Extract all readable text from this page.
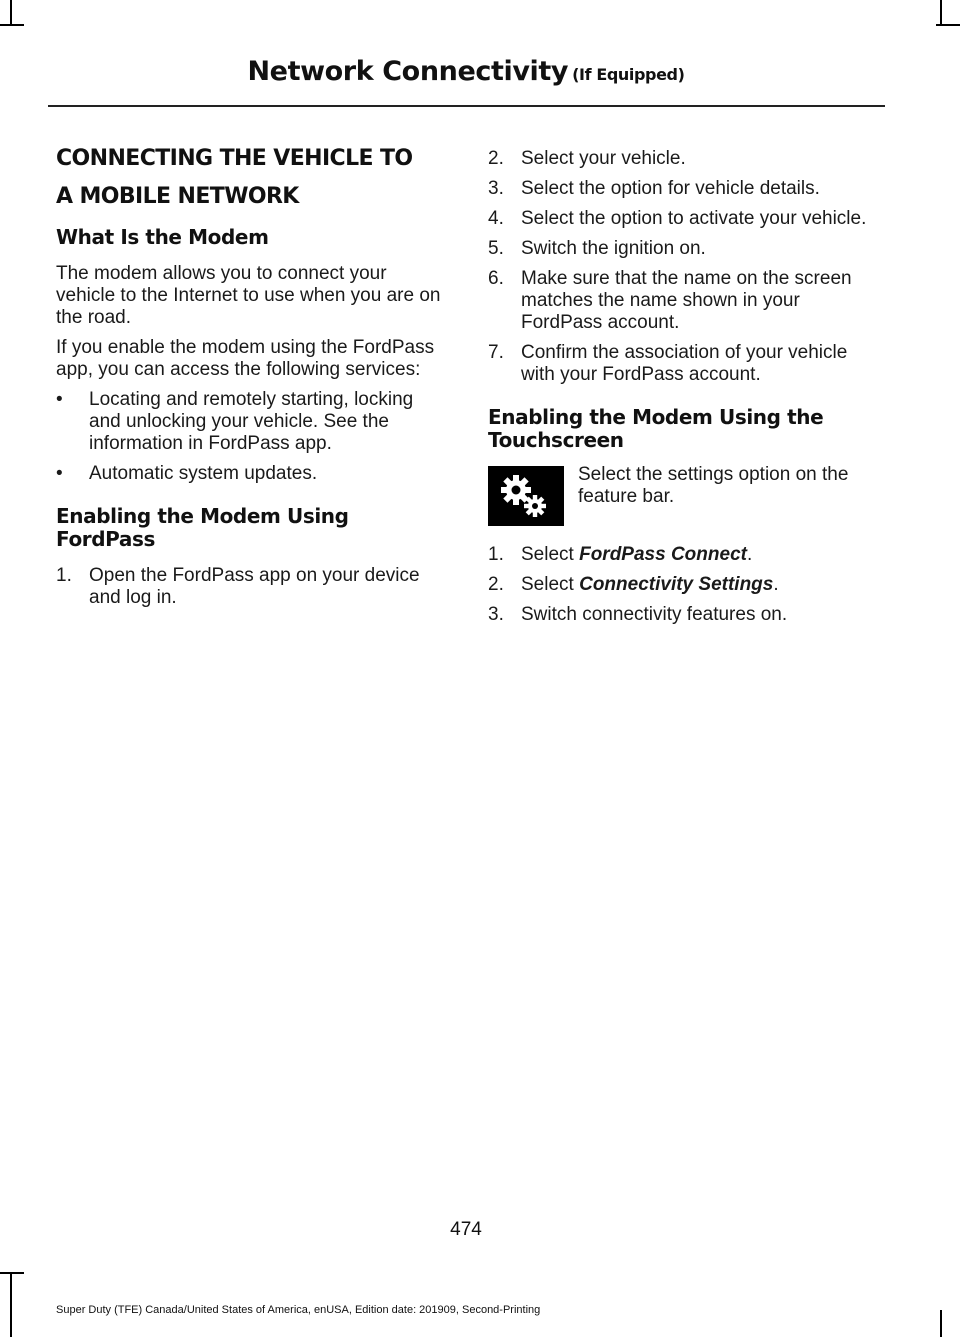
Network Connectivity (If Equipped)
CONNECTING THE VEHICLE TO
A MOBILE NETWORK
What Is the Modem

The modem allows you to connect your vehicle to the Internet to use when you are on the road.

If you enable the modem using the FordPass app, you can access the following services:

•	Locating and remotely starting, locking and unlocking your vehicle. See the information in FordPass app.
•	Automatic system updates.
Enabling the Modem Using FordPass
1. Open the FordPass app on your device and log in.
2. Select your vehicle.
3. Select the option for vehicle details.
4. Select the option to activate your vehicle.
5. Switch the ignition on.
6. Make sure that the name on the screen matches the name shown in your FordPass account.
7. Confirm the association of your vehicle with your FordPass account.
Enabling the Modem Using the Touchscreen
Select the settings option on the feature bar.
1. Select FordPass Connect.
2. Select Connectivity Settings.
3. Switch connectivity features on.
474
Super Duty (TFE) Canada/United States of America, enUSA, Edition date: 201909, Second-Printing
